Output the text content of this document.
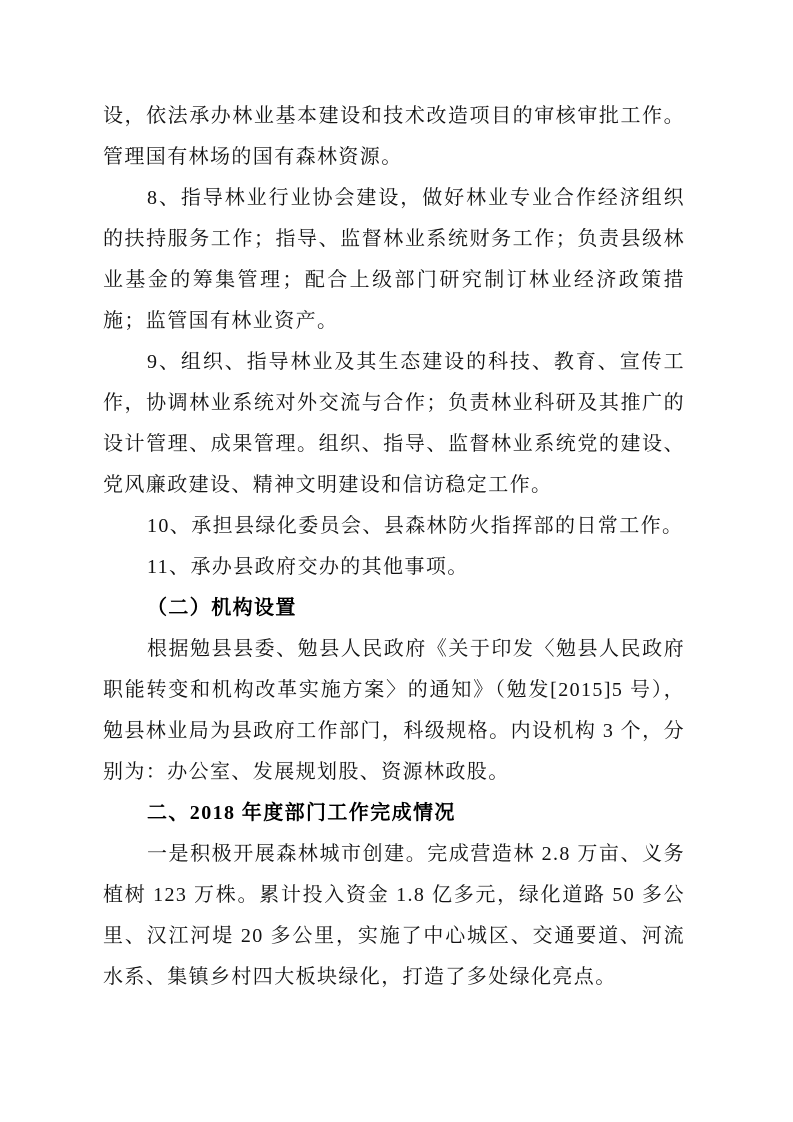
设，依法承办林业基本建设和技术改造项目的审核审批工作。管理国有林场的国有森林资源。

8、指导林业行业协会建设，做好林业专业合作经济组织的扶持服务工作；指导、监督林业系统财务工作；负责县级林业基金的筹集管理；配合上级部门研究制订林业经济政策措施；监管国有林业资产。

9、组织、指导林业及其生态建设的科技、教育、宣传工作，协调林业系统对外交流与合作；负责林业科研及其推广的设计管理、成果管理。组织、指导、监督林业系统党的建设、党风廉政建设、精神文明建设和信访稳定工作。

10、承担县绿化委员会、县森林防火指挥部的日常工作。

11、承办县政府交办的其他事项。

（二）机构设置

根据勉县县委、勉县人民政府《关于印发〈勉县人民政府职能转变和机构改革实施方案〉的通知》（勉发[2015]5 号），勉县林业局为县政府工作部门，科级规格。内设机构 3 个，分别为：办公室、发展规划股、资源林政股。

二、2018 年度部门工作完成情况

一是积极开展森林城市创建。完成营造林 2.8 万亩、义务植树 123 万株。累计投入资金 1.8 亿多元，绿化道路 50 多公里、汉江河堤 20 多公里，实施了中心城区、交通要道、河流水系、集镇乡村四大板块绿化，打造了多处绿化亮点。
